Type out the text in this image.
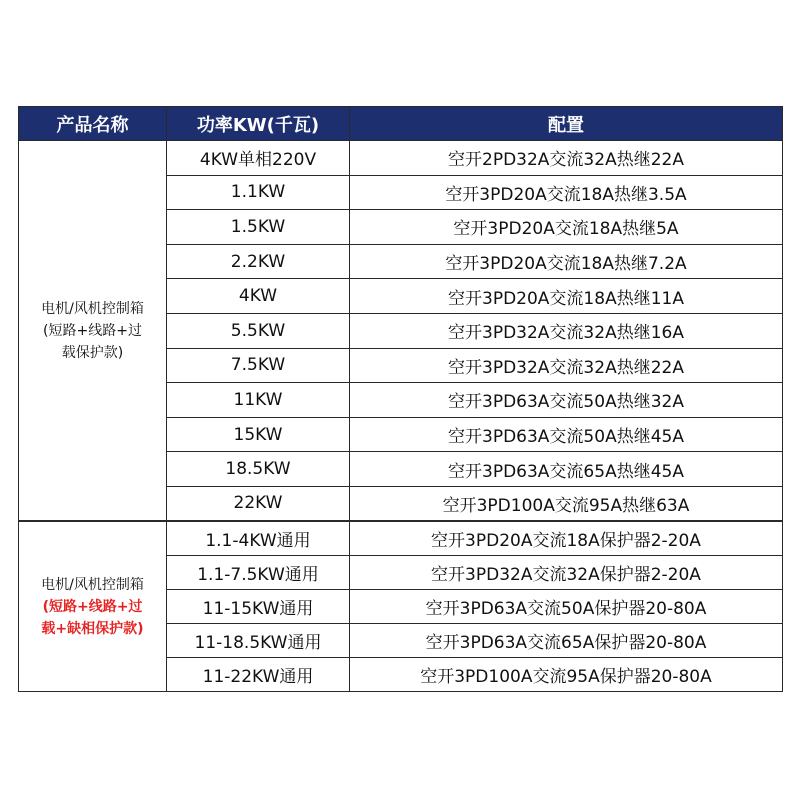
产品名称	功率KW(千瓦)	配置

电机/风机控制箱
(短路+线路+过
载保护款)	4KW单相220V	空开2PD32A交流32A热继22A
	1.1KW	空开3PD20A交流18A热继3.5A
	1.5KW	空开3PD20A交流18A热继5A
	2.2KW	空开3PD20A交流18A热继7.2A
	4KW	空开3PD20A交流18A热继11A
	5.5KW	空开3PD32A交流32A热继16A
	7.5KW	空开3PD32A交流32A热继22A
	11KW	空开3PD63A交流50A热继32A
	15KW	空开3PD63A交流50A热继45A
	18.5KW	空开3PD63A交流65A热继45A
	22KW	空开3PD100A交流95A热继63A

电机/风机控制箱
(短路+线路+过
载+缺相保护款)	1.1-4KW通用	空开3PD20A交流18A保护器2-20A
	1.1-7.5KW通用	空开3PD32A交流32A保护器2-20A
	11-15KW通用	空开3PD63A交流50A保护器20-80A
	11-18.5KW通用	空开3PD63A交流65A保护器20-80A
	11-22KW通用	空开3PD100A交流95A保护器20-80A
